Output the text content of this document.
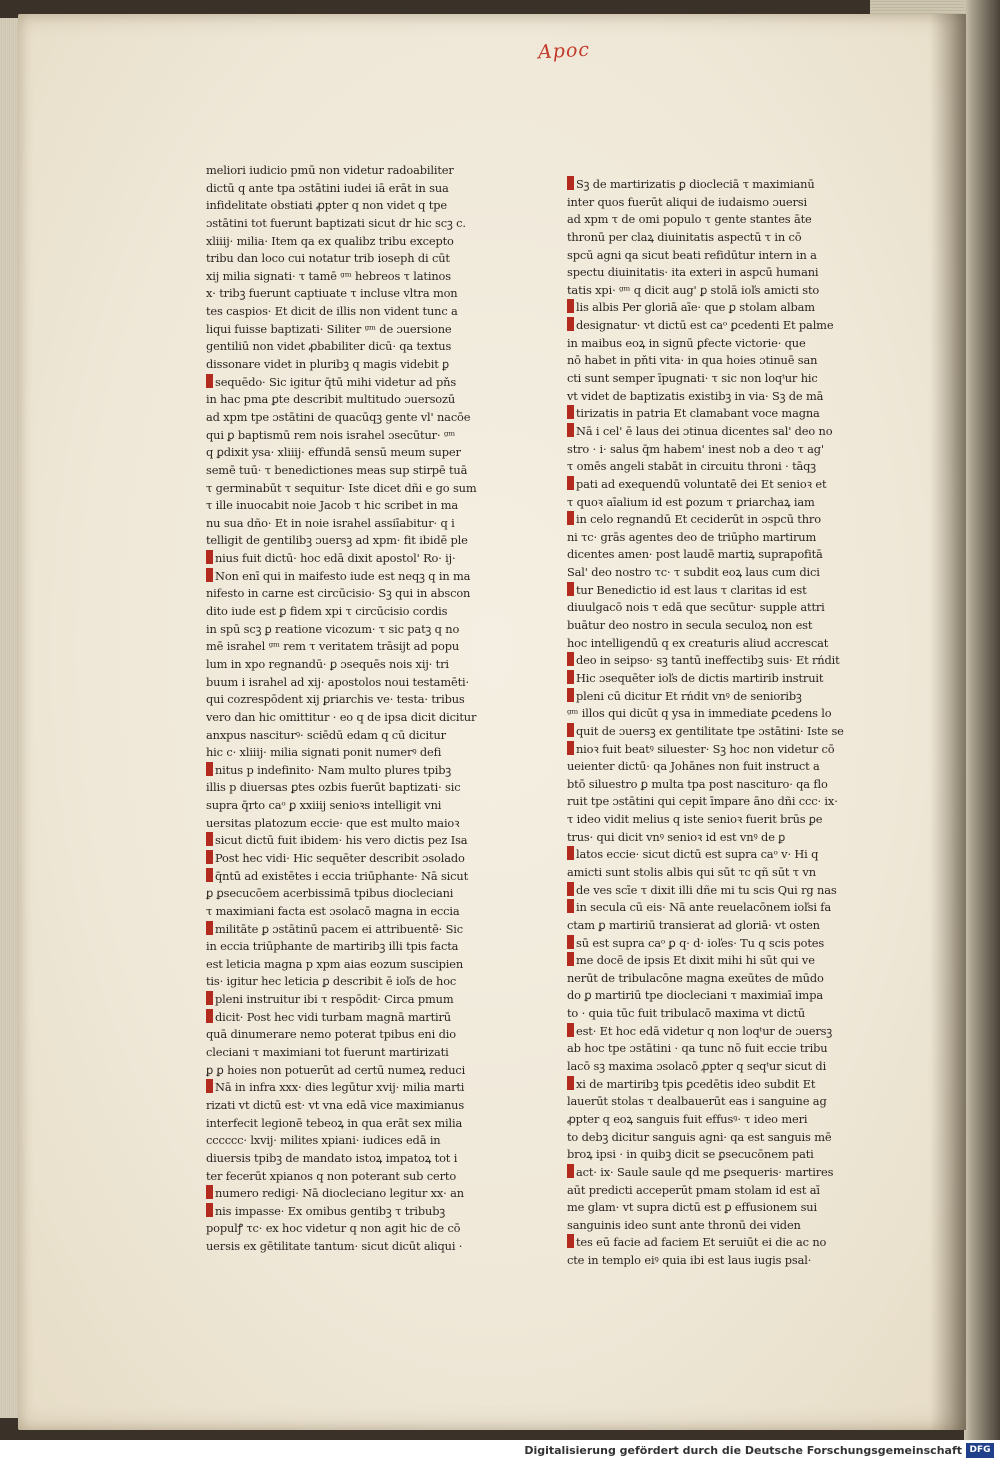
Apoc
meliori iudicio pmū non videtur radoabiliter
dictū q ante tpa ɔstātini iudei iā erāt in sua
infidelitate obstiati ꝓpter q non videt q tpe
ɔstātini tot fuerunt baptizati sicut dr hic scꝫ c.
xliiij· milia· Item qa ex qualibz tribu excepto
tribu dan loco cui notatur trib ioseph di cūt
xij milia signati· τ tamē ᵍᵐ hebreos τ latinos
x· tribꝫ fuerunt captiuate τ incluse vltra mon
tes caspios· Et dicit de illis non vident tunc a
liqui fuisse baptizati· Siliter ᵍᵐ de ɔuersione
gentiliū non videt ꝓbabiliter dicū· qa textus
dissonare videt in pluribꝫ q magis videbit ꝑ
sequēdo· Sic igitur q̄tū mihi videtur ad pňs
in hac pma ꝑte describit multitudo ɔuersozū
ad xpm tpe ɔstātini de quacūqꝫ gente vl' nacōe
qui ꝑ baptismū rem nois israhel ɔsecūtur· ᵍᵐ
q ꝑdixit ysa· xliiij· effundā sensū meum super
semē tuū· τ benedictiones meas sup stirpē tuā
τ germinabūt τ sequitur· Iste dicet dñi e go sum
τ ille inuocabit noie Jacob τ hic scribet in ma
nu sua dño· Et in noie israhel assiīabitur· q i
telligit de gentilibꝫ ɔuersꝫ ad xpm· fit ibidē ple
nius fuit dictū· hoc edā dixit apostol' Ro· ij·
Non enī qui in maifesto iude est neqꝫ q in ma
nifesto in carne est circūcisio· Sꝫ qui in abscon
dito iude est ꝑ fidem xpi τ circūcisio cordis
in spū scꝫ ꝑ reatione vicozum· τ sic patꝫ q no
mē israhel ᵍᵐ rem τ veritatem trāsijt ad popu
lum in xpo regnandū· ꝑ ɔsequēs nois xij· tri
buum i israhel ad xij· apostolos noui testamēti·
qui cozrespōdent xij ꝑriarchis ve· testa· tribus
vero dan hic omittitur · eo q de ipsa dicit dicitur
anxpus nasciturꝰ· sciēdū edam q cū dicitur
hic c· xliiij· milia signati ponit numerꝰ defi
nitus p indefinito· Nam multo plures tpibꝫ
illis p diuersas ꝑtes ozbis fuerūt baptizati· sic
supra q̄rto caᵒ ꝑ xxiiij senioꝛs intelligit vni
uersitas platozum eccie· que est multo maioꝛ
sicut dictū fuit ibidem· his vero dictis pez Isa
Post hec vidi· Hic sequēter describit ɔsolado
q̄ntū ad existētes i eccia triūphante· Nā sicut
ꝑ ꝑsecucōem acerbissimā tpibus diocleciani
τ maximiani facta est ɔsolacō magna in eccia
militāte ꝑ ɔstātinū pacem ei attribuentē· Sic
in eccia triūphante de martiribꝫ illi tpis facta
est leticia magna p xpm aias eozum suscipien
tis· igitur hec leticia ꝑ describit ē ioľs de hoc
pleni instruitur ibi τ respōdit· Circa pmum
dicit· Post hec vidi turbam magnā martirū
quā dinumerare nemo poterat tpibus eni dio
cleciani τ maximiani tot fuerunt martirizati
ꝑ ꝑ hoies non potuerūt ad certū numeꝝ reduci
Nā in infra xxx· dies legūtur xvij· milia marti
rizati vt dictū est· vt vna edā vice maximianus
interfecit legionē tebeoꝝ in qua erāt sex milia
cccccc· lxvij· milites xpiani· iudices edā in
diuersis tpibꝫ de mandato istoꝝ impatoꝝ tot i
ter fecerūt xpianos q non poterant sub certo
numero redigi· Nā diocleciano legitur xx· an
nis impasse· Ex omibus gentibꝫ τ tribubꝫ
populꝭ τc· ex hoc videtur q non agit hic de cō
uersis ex gētilitate tantum· sicut dicūt aliqui ·
Sꝫ de martirizatis ꝑ diocleciā τ maximianū
inter quos fuerūt aliqui de iudaismo ɔuersi
ad xpm τ de omi populo τ gente stantes āte
thronū per claꝝ diuinitatis aspectū τ in cō
spcū agni qa sicut beati refidūtur intern in a
spectu diuinitatis· ita exteri in aspcū humani
tatis xpi· ᵍᵐ q dicit aug' ꝑ stolā ioľs amicti sto
lis albis Per gloriā aīe· que ꝑ stolam albam
designatur· vt dictū est caᵒ ꝑcedenti Et palme
in maibus eoꝝ in signū ꝑfecte victorie· que
nō habet in pňti vita· in qua hoies ɔtinuē san
cti sunt semper īpugnati· τ sic non loqᵗur hic
vt videt de baptizatis existibꝫ in via· Sꝫ de mā
tirizatis in patria Et clamabant voce magna
Nā i cel' ē laus dei ɔtinua dicentes sal' deo no
stro · i· salus q̄m habem' inest nob a deo τ ag'
τ omēs angeli stabāt in circuitu throni · tāqꝫ
pati ad exequendū voluntatē dei Et senioꝛ et
τ quoꝛ aīalium id est ꝑozum τ ꝑriarchaꝝ iam
in celo regnandū Et ceciderūt in ɔspcū thro
ni τc· grās agentes deo de triūpho martirum
dicentes amen· post laudē martiꝝ suprapofitā
Sal' deo nostro τc· τ subdit eoꝝ laus cum dici
tur Benedictio id est laus τ claritas id est
diuulgacō nois τ edā que secūtur· supple attri
buātur deo nostro in secula seculoꝝ non est
hoc intelligendū q ex creaturis aliud accrescat
deo in seipso· sꝫ tantū ineffectibꝫ suis· Et rńdit
Hic ɔsequēter ioľs de dictis martirib instruit
pleni cū dicitur Et rńdit vnꝰ de senioribꝫ
ᵍᵐ illos qui dicūt q ysa in immediate ꝑcedens lo
quit de ɔuersꝫ ex gentilitate tpe ɔstātini· Iste se
nioꝛ fuit beatꝰ siluester· Sꝫ hoc non videtur cō
ueienter dictū· qa Johānes non fuit instruct a
btō siluestro ꝑ multa tpa post nascituro· qa flo
ruit tpe ɔstātini qui cepit īmpare āno dñi ccc· ix·
τ ideo vidit melius q iste senioꝛ fuerit brūs ꝑe
trus· qui dicit vnꝰ senioꝛ id est vnꝰ de ꝑ
latos eccie· sicut dictū est supra caᵒ v· Hi q
amicti sunt stolis albis qui sūt τc qñ sūt τ vn
de ves scīe τ dixit illi dñe mi tu scis Qui rg nas
in secula cū eis· Nā ante reuelacōnem ioľsi fa
ctam ꝑ martiriū transierat ad gloriā· vt osten
sū est supra caᵒ ꝑ q· d· ioľes· Tu q scis potes
me docē de ipsis Et dixit mihi hi sūt qui ve
nerūt de tribulacōne magna exeūtes de mūdo
do ꝑ martiriū tpe diocleciani τ maximiaī impa
to · quia tūc fuit tribulacō maxima vt dictū
est· Et hoc edā videtur q non loqᵗur de ɔuersꝫ
ab hoc tpe ɔstātini · qa tunc nō fuit eccie tribu
lacō sꝫ maxima ɔsolacō ꝓpter q seqᵗur sicut di
xi de martiribꝫ tpis ꝑcedētis ideo subdit Et
lauerūt stolas τ dealbauerūt eas i sanguine ag
ꝓpter q eoꝝ sanguis fuit effusꝰ· τ ideo meri
to debꝫ dicitur sanguis agni· qa est sanguis mē
broꝝ ipsi · in quibꝫ dicit se ꝑsecucōnem pati
act· ix· Saule saule qd me ꝑsequeris· martires
aūt predicti acceperūt pmam stolam id est aī
me glam· vt supra dictū est ꝑ effusionem sui
sanguinis ideo sunt ante thronū dei viden
tes eū facie ad faciem Et seruiūt ei die ac no
cte in templo eiꝰ quia ibi est laus iugis psal·
Digitalisierung gefördert durch die Deutsche Forschungsgemeinschaft DFG
